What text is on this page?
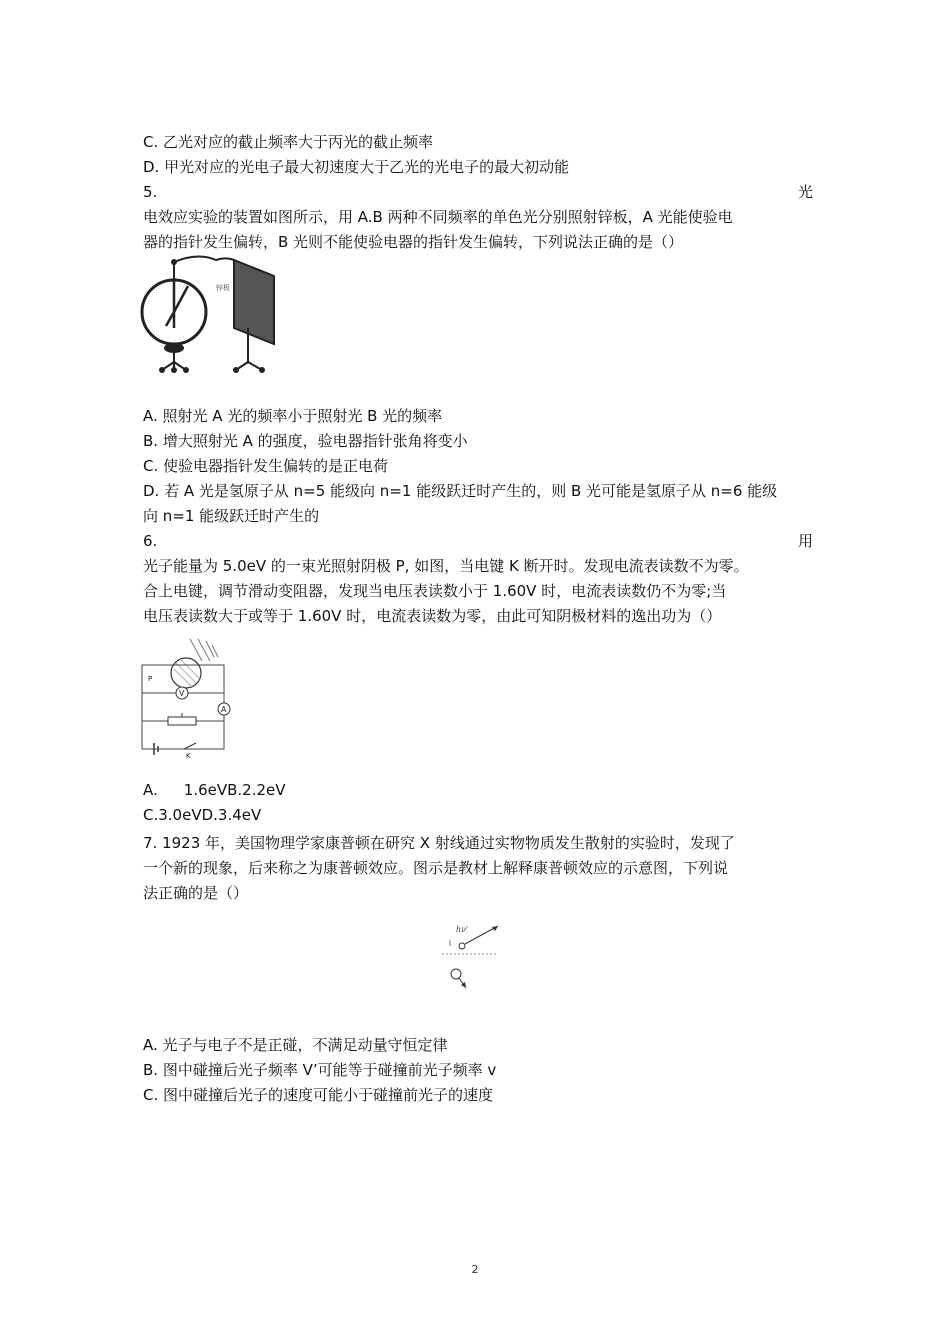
C. 乙光对应的截止频率大于丙光的截止频率
D. 甲光对应的光电子最大初速度大于乙光的光电子的最大初动能
5.	光
电效应实验的装置如图所示，用 A.B 两种不同频率的单色光分别照射锌板，A 光能使验电
器的指针发生偏转，B 光则不能使验电器的指针发生偏转，下列说法正确的是（）
锌板
A. 照射光 A 光的频率小于照射光 B 光的频率
B. 增大照射光 A 的强度，验电器指针张角将变小
C. 使验电器指针发生偏转的是正电荷
D. 若 A 光是氢原子从 n=5 能级向 n=1 能级跃迁时产生的，则 B 光可能是氢原子从 n=6 能级
向 n=1 能级跃迁时产生的
6.	用
光子能量为 5.0eV 的一束光照射阴极 P, 如图，当电键 K 断开时。发现电流表读数不为零。
合上电键，调节滑动变阻器，发现当电压表读数小于 1.60V 时，电流表读数仍不为零;当
电压表读数大于或等于 1.60V 时，电流表读数为零，由此可知阴极材料的逸出功为（）
V
A
P
K
A. 1.6eVB.2.2eV
C.3.0eVD.3.4eV
7. 1923 年，美国物理学家康普顿在研究 X 射线通过实物物质发生散射的实验时，发现了
一个新的现象，后来称之为康普顿效应。图示是教材上解释康普顿效应的示意图，下列说
法正确的是（）
hν'
A. 光子与电子不是正碰，不满足动量守恒定律
B. 图中碰撞后光子频率 V’可能等于碰撞前光子频率 v
C. 图中碰撞后光子的速度可能小于碰撞前光子的速度
2
